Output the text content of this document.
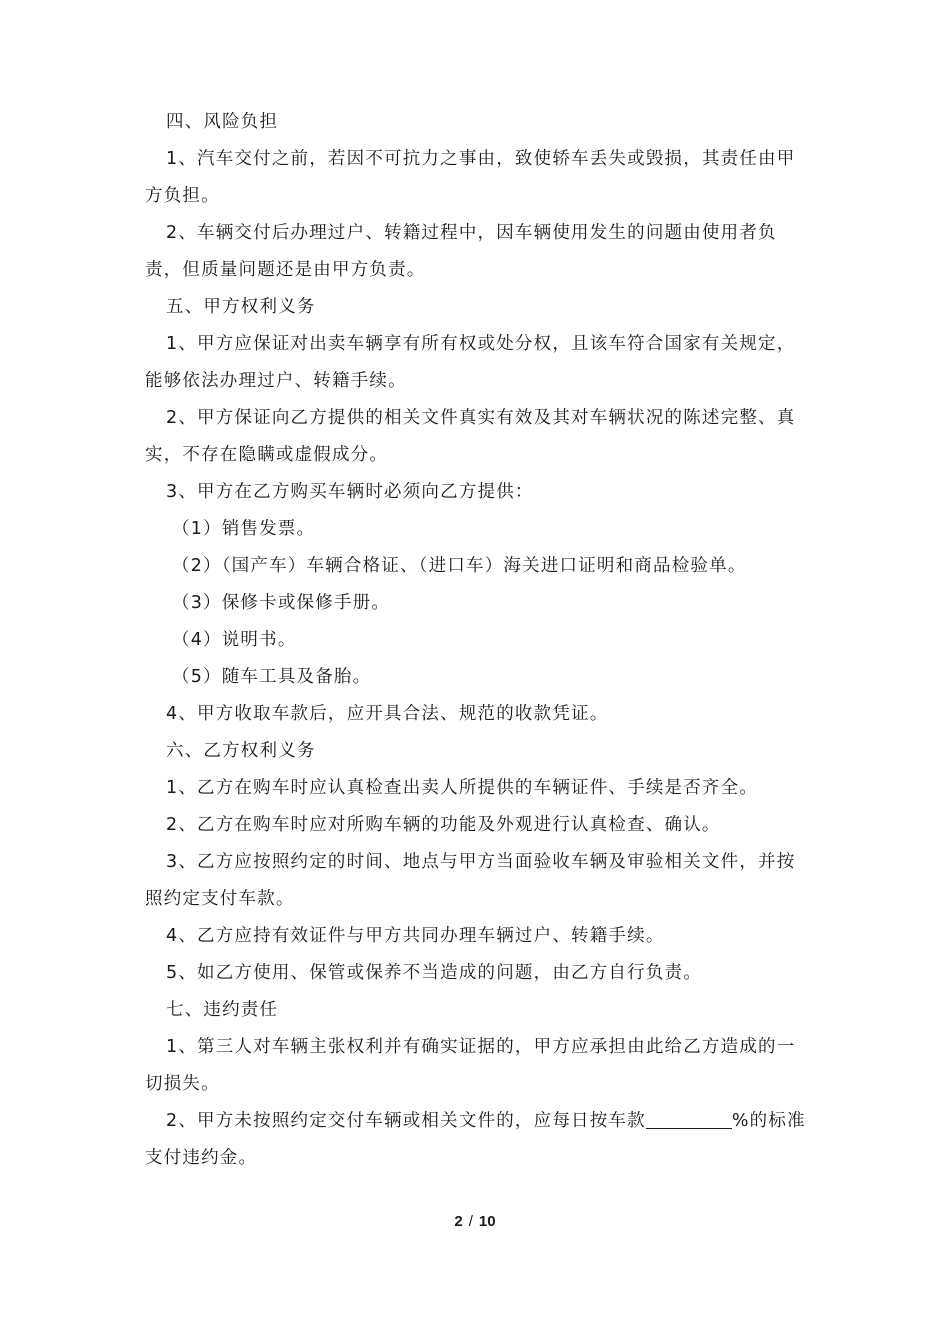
四、风险负担

1、汽车交付之前，若因不可抗力之事由，致使轿车丢失或毁损，其责任由甲方负担。

2、车辆交付后办理过户、转籍过程中，因车辆使用发生的问题由使用者负责，但质量问题还是由甲方负责。

五、甲方权利义务

1、甲方应保证对出卖车辆享有所有权或处分权，且该车符合国家有关规定，能够依法办理过户、转籍手续。

2、甲方保证向乙方提供的相关文件真实有效及其对车辆状况的陈述完整、真实，不存在隐瞒或虚假成分。

3、甲方在乙方购买车辆时必须向乙方提供：

（1）销售发票。

（2）（国产车）车辆合格证、（进口车）海关进口证明和商品检验单。

（3）保修卡或保修手册。

（4）说明书。

（5）随车工具及备胎。

4、甲方收取车款后，应开具合法、规范的收款凭证。

六、乙方权利义务

1、乙方在购车时应认真检查出卖人所提供的车辆证件、手续是否齐全。

2、乙方在购车时应对所购车辆的功能及外观进行认真检查、确认。

3、乙方应按照约定的时间、地点与甲方当面验收车辆及审验相关文件，并按照约定支付车款。

4、乙方应持有效证件与甲方共同办理车辆过户、转籍手续。

5、如乙方使用、保管或保养不当造成的问题，由乙方自行负责。

七、违约责任

1、第三人对车辆主张权利并有确实证据的，甲方应承担由此给乙方造成的一切损失。

2、甲方未按照约定交付车辆或相关文件的，应每日按车款	%的标准支付违约金。

2 / 10
